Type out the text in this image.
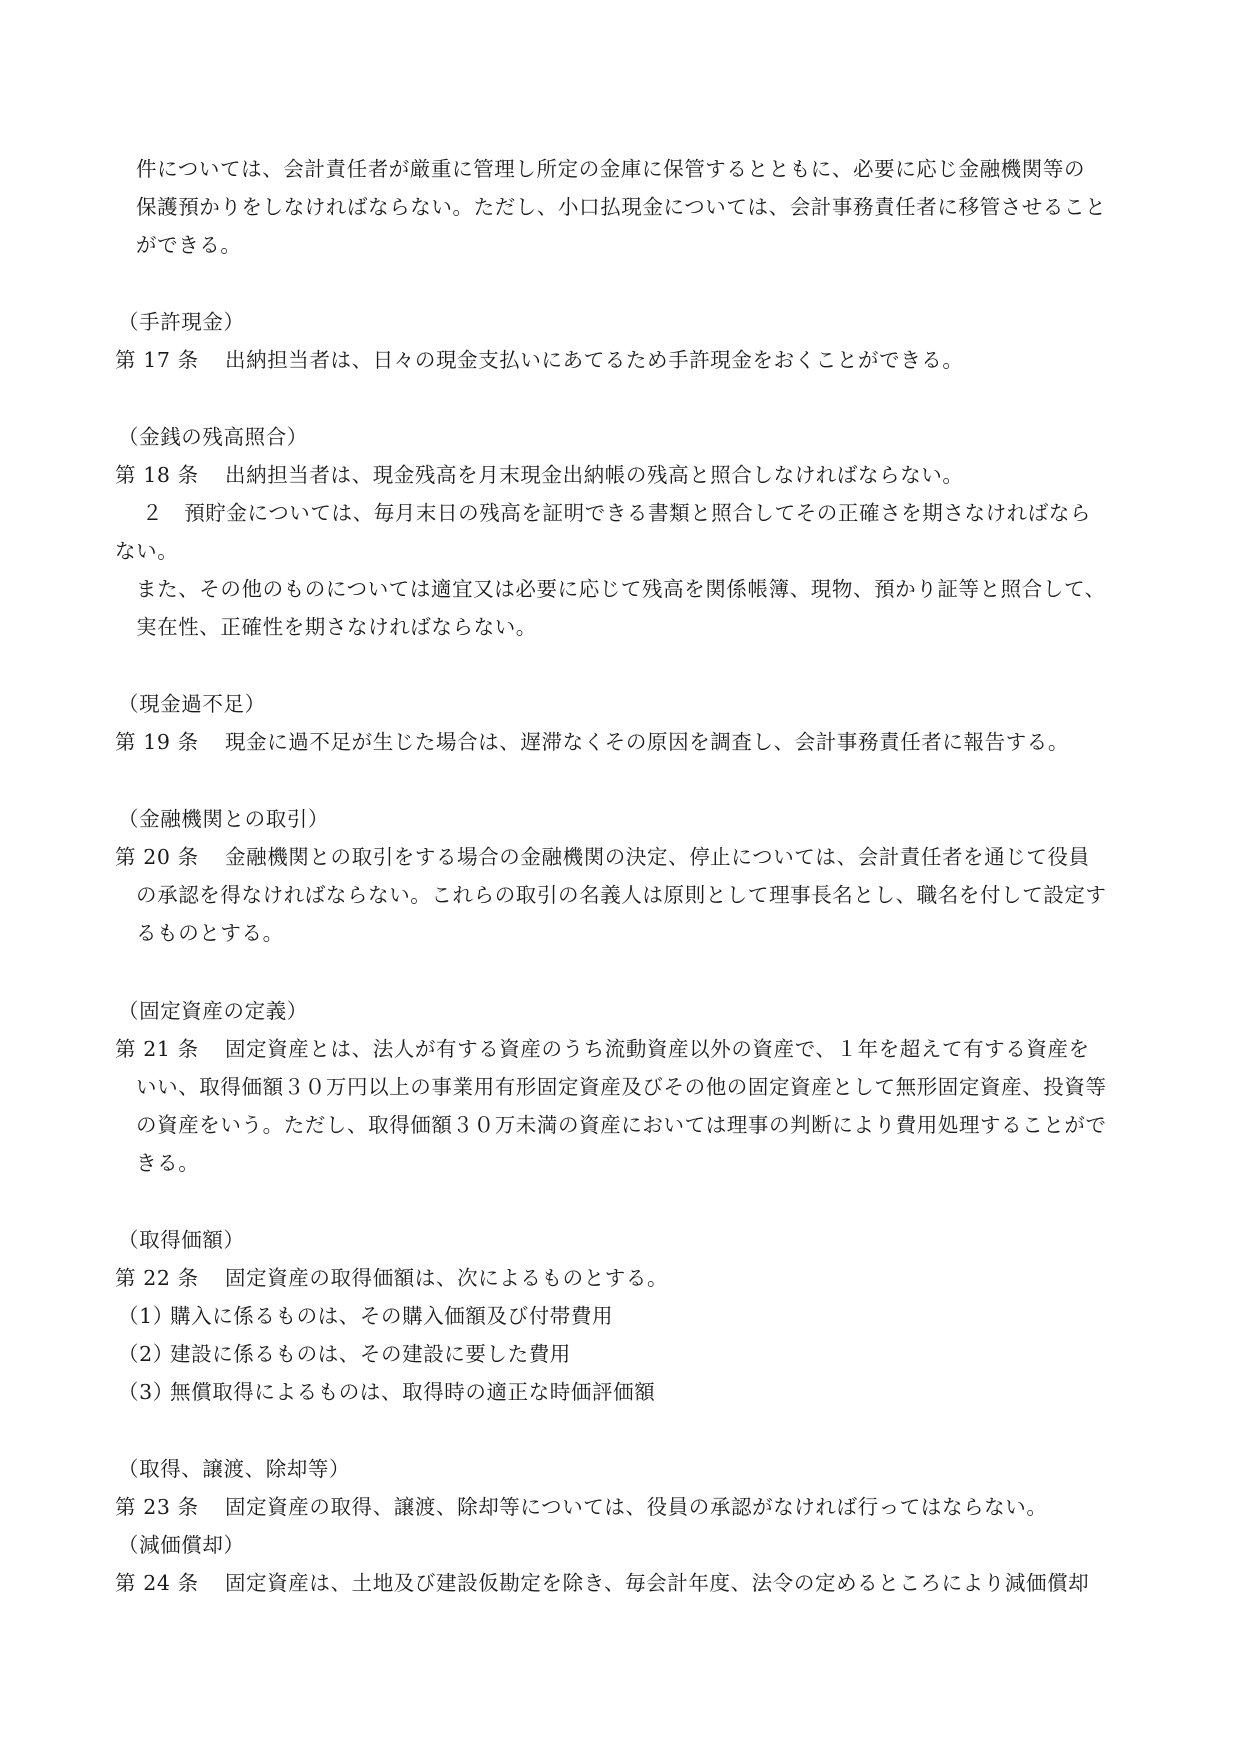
件については、会計責任者が厳重に管理し所定の金庫に保管するとともに、必要に応じ金融機関等の
保護預かりをしなければならない。ただし、小口払現金については、会計事務責任者に移管させること
ができる。
（手許現金）
第 17 条 出納担当者は、日々の現金支払いにあてるため手許現金をおくことができる。
（金銭の残高照合）
第 18 条 出納担当者は、現金残高を月末現金出納帳の残高と照合しなければならない。
２　預貯金については、毎月末日の残高を証明できる書類と照合してその正確さを期さなければなら
ない。
また、その他のものについては適宜又は必要に応じて残高を関係帳簿、現物、預かり証等と照合して、
実在性、正確性を期さなければならない。
（現金過不足）
第 19 条 現金に過不足が生じた場合は、遅滞なくその原因を調査し、会計事務責任者に報告する。
（金融機関との取引）
第 20 条 金融機関との取引をする場合の金融機関の決定、停止については、会計責任者を通じて役員
の承認を得なければならない。これらの取引の名義人は原則として理事長名とし、職名を付して設定す
るものとする。
（固定資産の定義）
第 21 条 固定資産とは、法人が有する資産のうち流動資産以外の資産で、１年を超えて有する資産を
いい、取得価額３０万円以上の事業用有形固定資産及びその他の固定資産として無形固定資産、投資等
の資産をいう。ただし、取得価額３０万未満の資産においては理事の判断により費用処理することがで
きる。
（取得価額）
第 22 条 固定資産の取得価額は、次によるものとする。
（1）購入に係るものは、その購入価額及び付帯費用
（2）建設に係るものは、その建設に要した費用
（3）無償取得によるものは、取得時の適正な時価評価額
（取得、譲渡、除却等）
第 23 条 固定資産の取得、譲渡、除却等については、役員の承認がなければ行ってはならない。
（減価償却）
第 24 条 固定資産は、土地及び建設仮勘定を除き、毎会計年度、法令の定めるところにより減価償却
